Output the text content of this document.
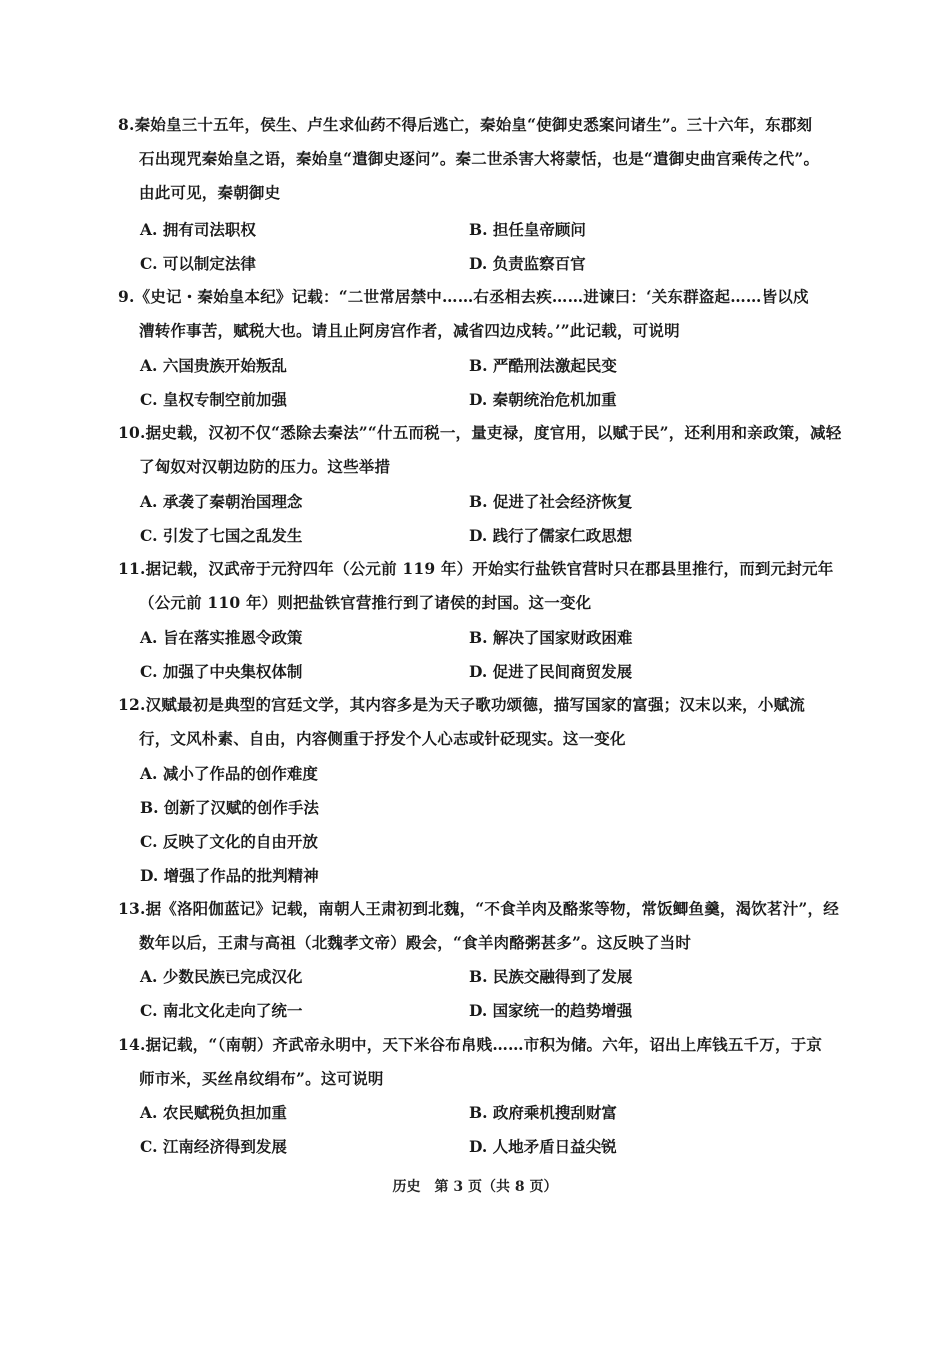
8.秦始皇三十五年，侯生、卢生求仙药不得后逃亡，秦始皇“使御史悉案问诸生”。三十六年，东郡刻
石出现咒秦始皇之语，秦始皇“遣御史逐问”。秦二世杀害大将蒙恬，也是“遣御史曲宫乘传之代”。
由此可见，秦朝御史
A. 拥有司法职权	B. 担任皇帝顾问
C. 可以制定法律	D. 负责监察百官
9.《史记・秦始皇本纪》记载：“二世常居禁中……右丞相去疾……进谏曰：‘关东群盗起……皆以戍
漕转作事苦，赋税大也。请且止阿房宫作者，减省四边戍转。’”此记载，可说明
A. 六国贵族开始叛乱	B. 严酷刑法激起民变
C. 皇权专制空前加强	D. 秦朝统治危机加重
10.据史载，汉初不仅“悉除去秦法”“什五而税一，量吏禄，度官用，以赋于民”，还利用和亲政策，减轻
了匈奴对汉朝边防的压力。这些举措
A. 承袭了秦朝治国理念	B. 促进了社会经济恢复
C. 引发了七国之乱发生	D. 践行了儒家仁政思想
11.据记载，汉武帝于元狩四年（公元前 119 年）开始实行盐铁官营时只在郡县里推行，而到元封元年
（公元前 110 年）则把盐铁官营推行到了诸侯的封国。这一变化
A. 旨在落实推恩令政策	B. 解决了国家财政困难
C. 加强了中央集权体制	D. 促进了民间商贸发展
12.汉赋最初是典型的宫廷文学，其内容多是为天子歌功颂德，描写国家的富强；汉末以来，小赋流
行，文风朴素、自由，内容侧重于抒发个人心志或针砭现实。这一变化
A. 减小了作品的创作难度
B. 创新了汉赋的创作手法
C. 反映了文化的自由开放
D. 增强了作品的批判精神
13.据《洛阳伽蓝记》记载，南朝人王肃初到北魏，“不食羊肉及酪浆等物，常饭鲫鱼羹，渴饮茗汁”，经
数年以后，王肃与高祖（北魏孝文帝）殿会，“食羊肉酪粥甚多”。这反映了当时
A. 少数民族已完成汉化	B. 民族交融得到了发展
C. 南北文化走向了统一	D. 国家统一的趋势增强
14.据记载，“（南朝）齐武帝永明中，天下米谷布帛贱……市积为储。六年，诏出上库钱五千万，于京
师市米，买丝帛纹绢布”。这可说明
A. 农民赋税负担加重	B. 政府乘机搜刮财富
C. 江南经济得到发展	D. 人地矛盾日益尖锐
历史　第 3 页（共 8 页）
